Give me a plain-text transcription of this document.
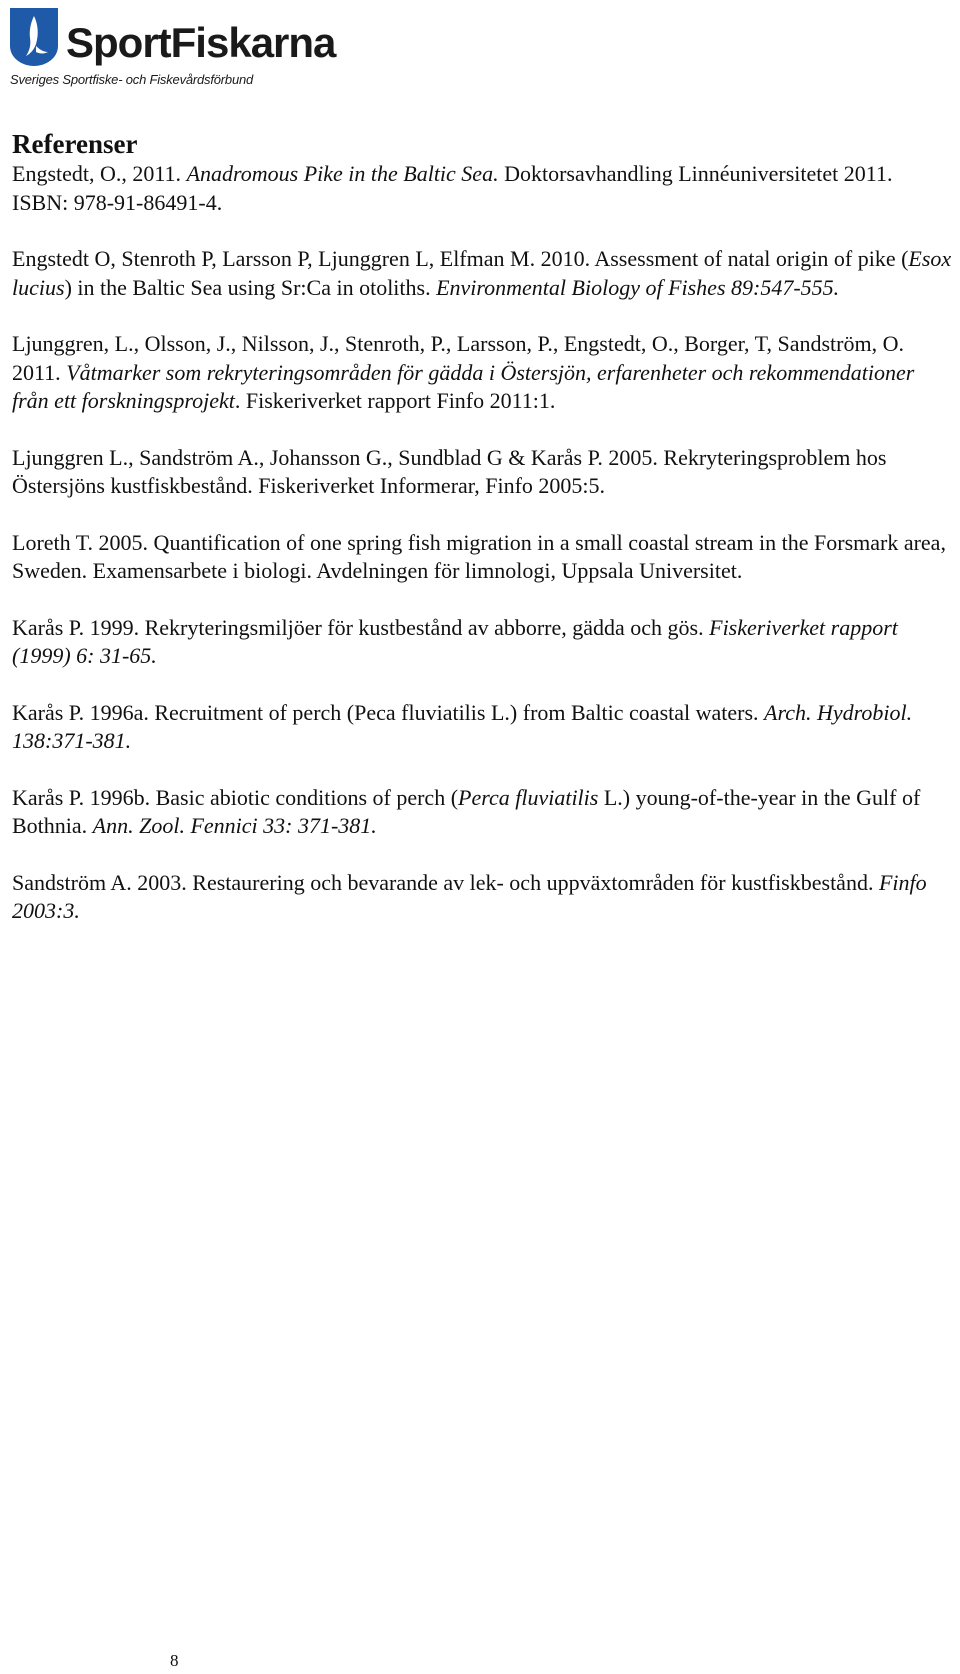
SportFiskarna
Sveriges Sportfiske- och Fiskevårdsförbund
Referenser

Engstedt, O., 2011. Anadromous Pike in the Baltic Sea. Doktorsavhandling Linnéuniversitetet 2011. ISBN: 978-91-86491-4.

Engstedt O, Stenroth P, Larsson P, Ljunggren L, Elfman M. 2010. Assessment of natal origin of pike (Esox lucius) in the Baltic Sea using Sr:Ca in otoliths. Environmental Biology of Fishes 89:547-555.

Ljunggren, L., Olsson, J., Nilsson, J., Stenroth, P., Larsson, P., Engstedt, O., Borger, T, Sandström, O. 2011. Våtmarker som rekryteringsområden för gädda i Östersjön, erfarenheter och rekommendationer från ett forskningsprojekt. Fiskeriverket rapport Finfo 2011:1.

Ljunggren L., Sandström A., Johansson G., Sundblad G & Karås P. 2005. Rekryteringsproblem hos Östersjöns kustfiskbestånd. Fiskeriverket Informerar, Finfo 2005:5.

Loreth T. 2005. Quantification of one spring fish migration in a small coastal stream in the Forsmark area, Sweden. Examensarbete i biologi. Avdelningen för limnologi, Uppsala Universitet.

Karås P. 1999. Rekryteringsmiljöer för kustbestånd av abborre, gädda och gös. Fiskeriverket rapport (1999) 6: 31-65.

Karås P. 1996a. Recruitment of perch (Peca fluviatilis L.) from Baltic coastal waters. Arch. Hydrobiol. 138:371-381.

Karås P. 1996b. Basic abiotic conditions of perch (Perca fluviatilis L.) young-of-the-year in the Gulf of Bothnia. Ann. Zool. Fennici 33: 371-381.

Sandström A. 2003. Restaurering och bevarande av lek- och uppväxtområden för kustfiskbestånd. Finfo 2003:3.

8
